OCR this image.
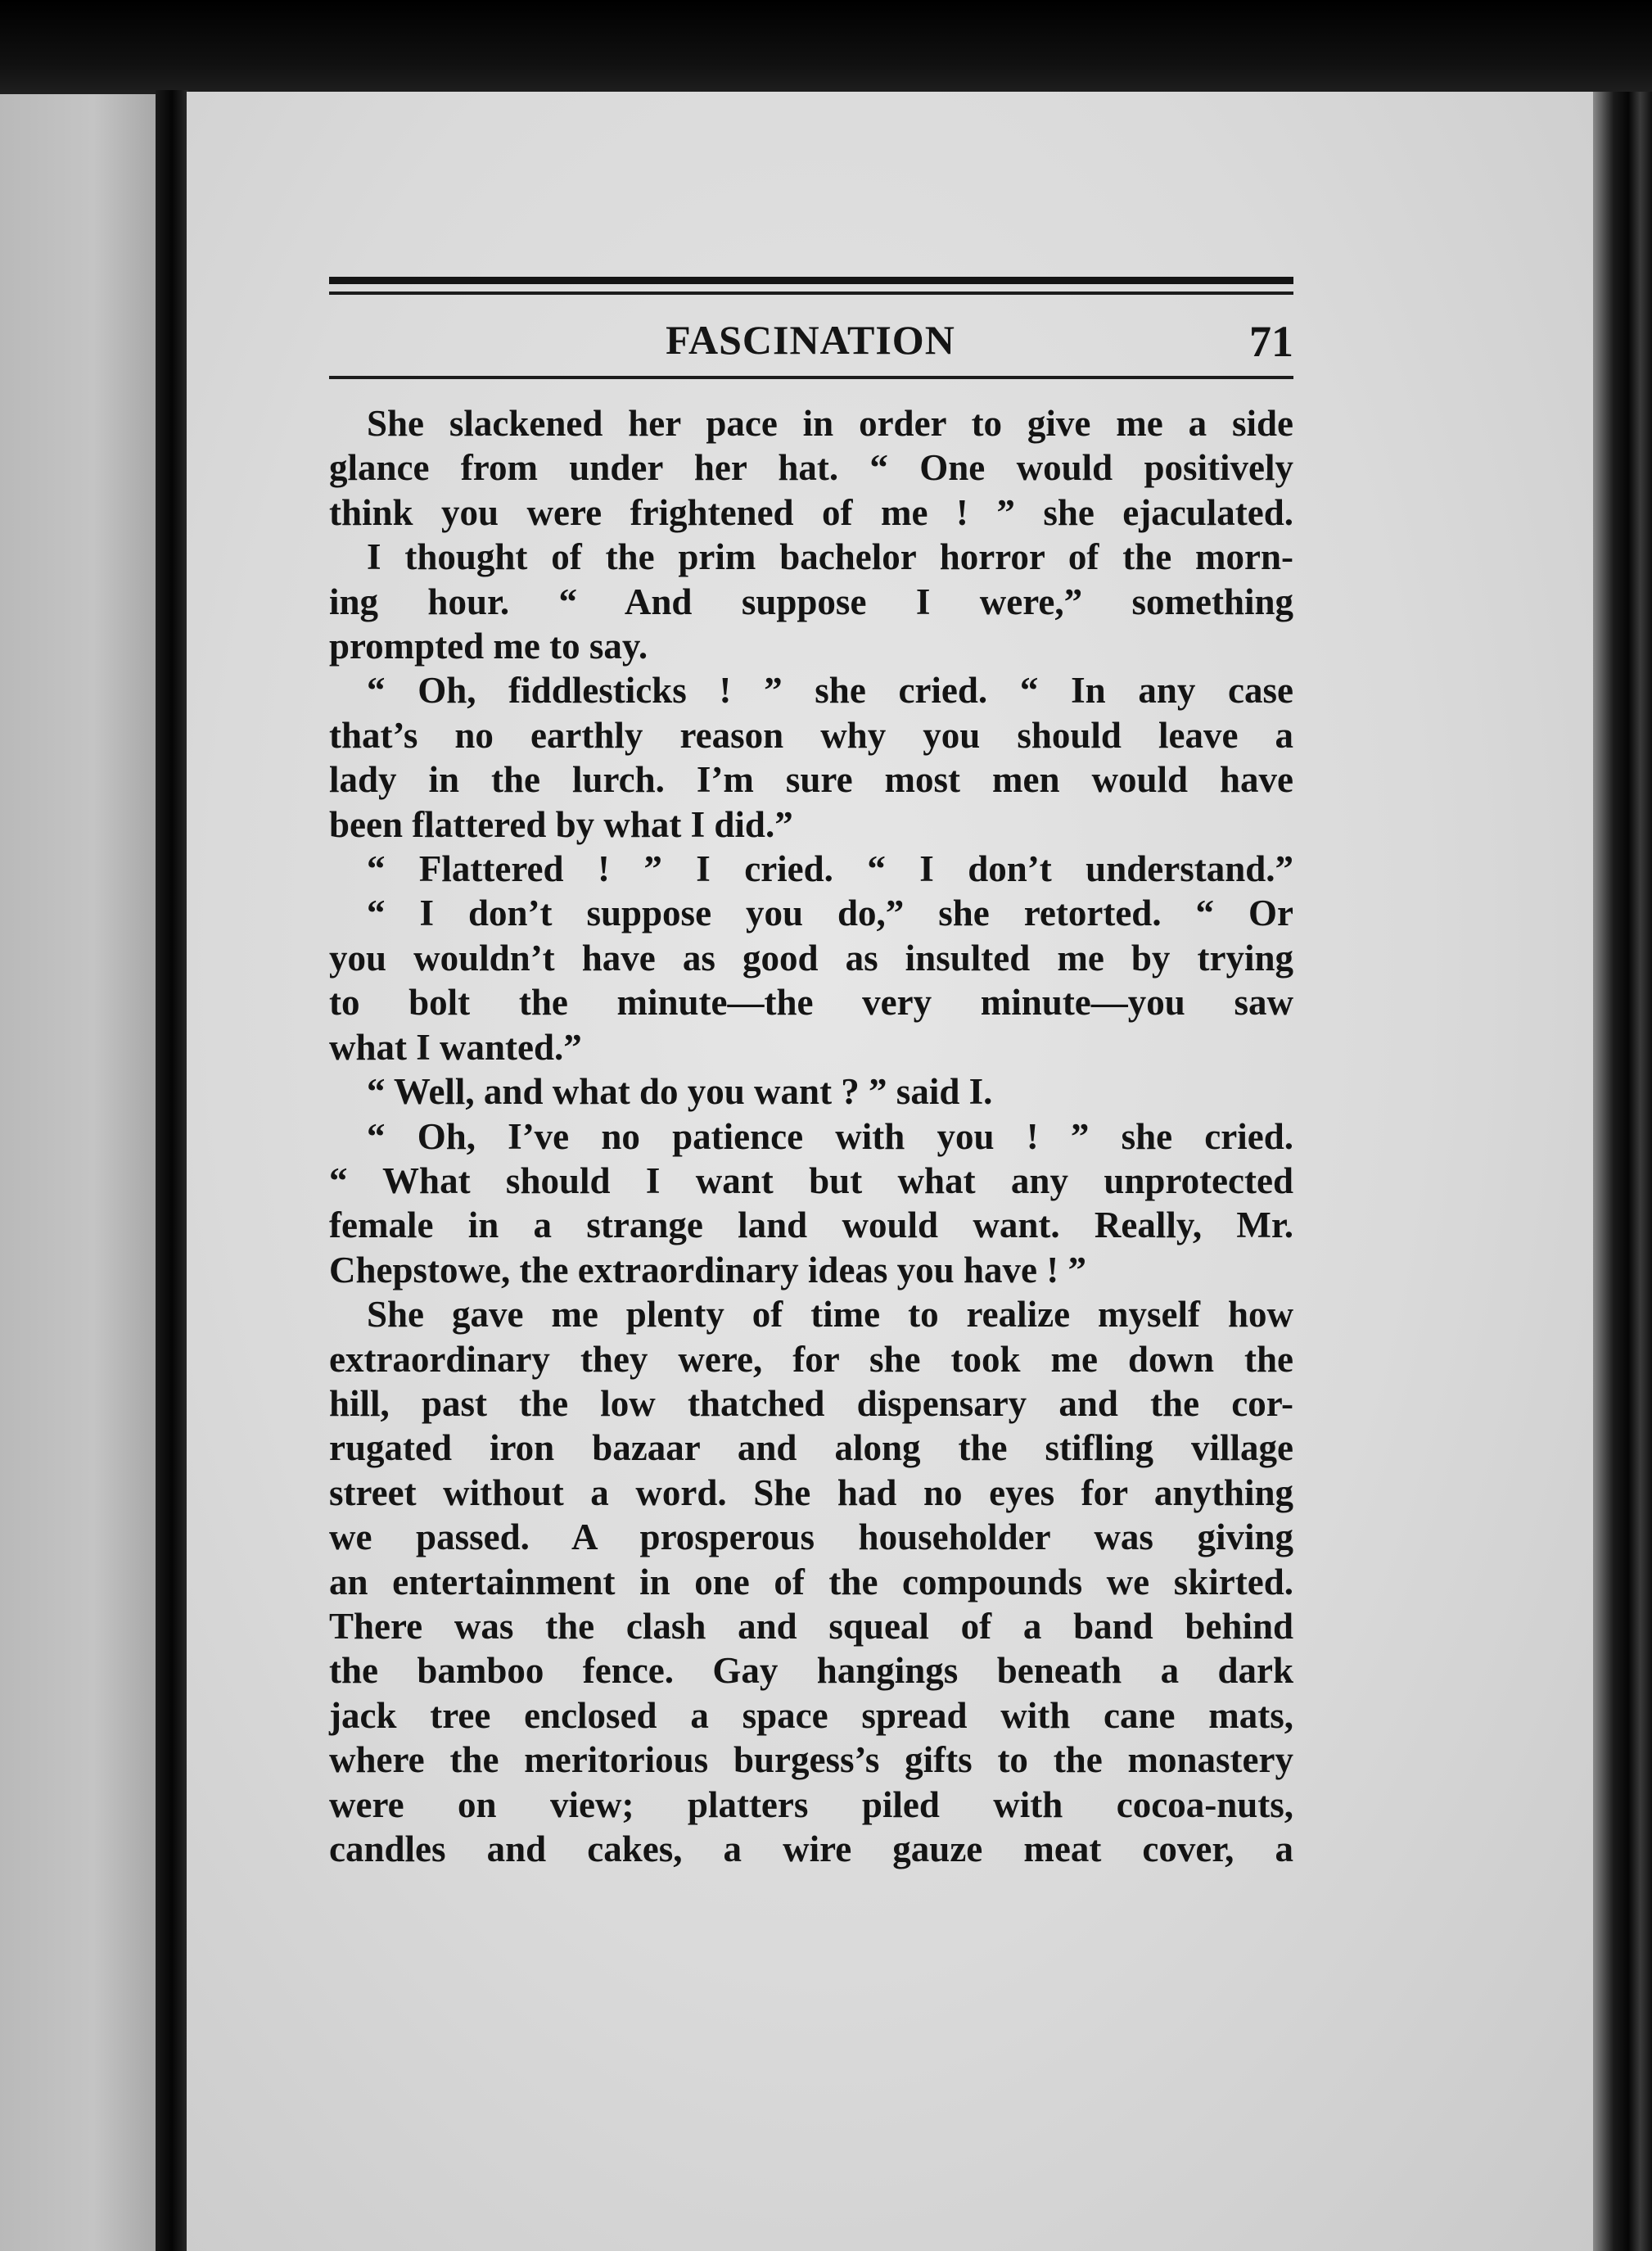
FASCINATION	71
She slackened her pace in order to give me a side
glance from under her hat. “ One would positively
think you were frightened of me ! ” she ejaculated.
I thought of the prim bachelor horror of the morn-
ing hour. “ And suppose I were,” something
prompted me to say.
“ Oh, fiddlesticks ! ” she cried. “ In any case
that’s no earthly reason why you should leave a
lady in the lurch. I’m sure most men would have
been flattered by what I did.”
“ Flattered ! ” I cried. “ I don’t understand.”
“ I don’t suppose you do,” she retorted. “ Or
you wouldn’t have as good as insulted me by trying
to bolt the minute—the very minute—you saw
what I wanted.”
“ Well, and what do you want ? ” said I.
“ Oh, I’ve no patience with you ! ” she cried.
“ What should I want but what any unprotected
female in a strange land would want. Really, Mr.
Chepstowe, the extraordinary ideas you have ! ”
She gave me plenty of time to realize myself how
extraordinary they were, for she took me down the
hill, past the low thatched dispensary and the cor-
rugated iron bazaar and along the stifling village
street without a word. She had no eyes for anything
we passed. A prosperous householder was giving
an entertainment in one of the compounds we skirted.
There was the clash and squeal of a band behind
the bamboo fence. Gay hangings beneath a dark
jack tree enclosed a space spread with cane mats,
where the meritorious burgess’s gifts to the monastery
were on view; platters piled with cocoa-nuts,
candles and cakes, a wire gauze meat cover, a
